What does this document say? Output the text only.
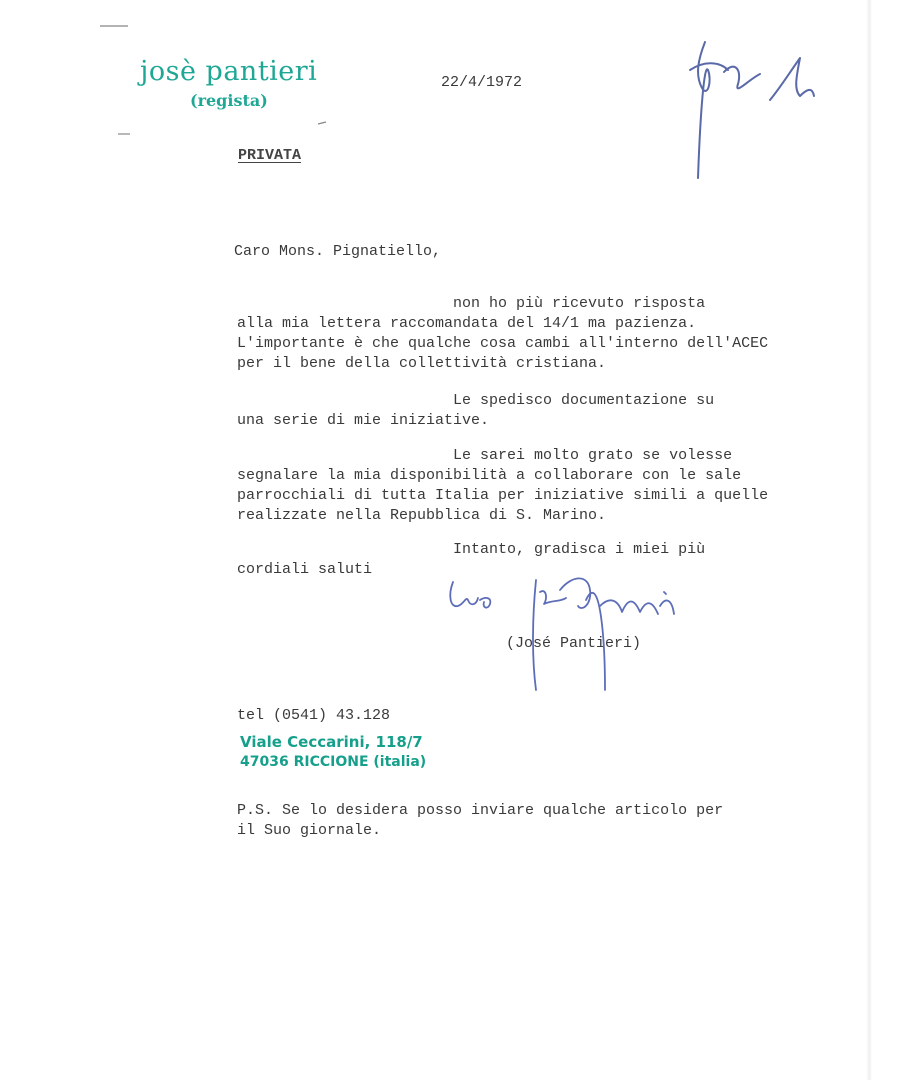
josè pantieri
(regista)
22/4/1972
PRIVATA
Caro Mons. Pignatiello,
non ho più ricevuto risposta
alla mia lettera raccomandata del 14/1 ma pazienza.
L'importante è che qualche cosa cambi all'interno dell'ACEC
per il bene della collettività cristiana.
Le spedisco documentazione su
una serie di mie iniziative.
Le sarei molto grato se volesse
segnalare la mia disponibilità a collaborare con le sale
parrocchiali di tutta Italia per iniziative simili a quelle
realizzate nella Repubblica di S. Marino.
Intanto, gradisca i miei più
cordiali saluti
(José Pantieri)
tel (0541) 43.128
Viale Ceccarini, 118/7
47036 RICCIONE (italia)
P.S. Se lo desidera posso inviare qualche articolo per
il Suo giornale.
